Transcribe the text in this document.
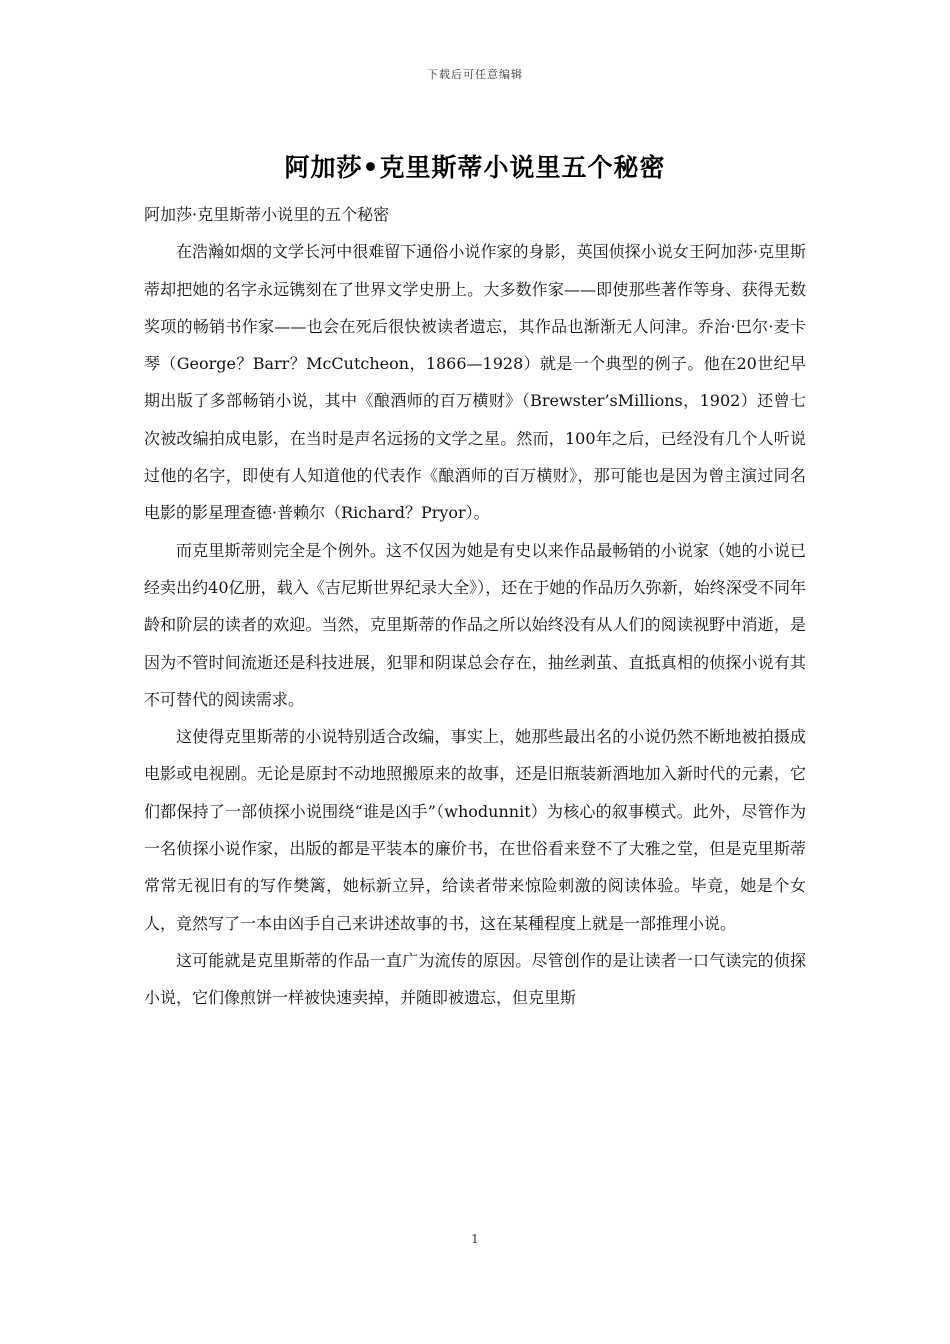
下载后可任意编辑
阿加莎•克里斯蒂小说里五个秘密

阿加莎·克里斯蒂小说里的五个秘密

在浩瀚如烟的文学长河中很难留下通俗小说作家的身影，英国侦探小说女王阿加莎·克里斯蒂却把她的名字永远镌刻在了世界文学史册上。大多数作家——即使那些著作等身、获得无数奖项的畅销书作家——也会在死后很快被读者遗忘，其作品也渐渐无人问津。乔治·巴尔·麦卡琴（George？Barr？McCutcheon，1866—1928）就是一个典型的例子。他在20世纪早期出版了多部畅销小说，其中《酿酒师的百万横财》（Brewster’sMillions，1902）还曾七次被改编拍成电影，在当时是声名远扬的文学之星。然而，100年之后，已经没有几个人听说过他的名字，即使有人知道他的代表作《酿酒师的百万横财》，那可能也是因为曾主演过同名电影的影星理查德·普赖尔（Richard？Pryor）。

而克里斯蒂则完全是个例外。这不仅因为她是有史以来作品最畅销的小说家（她的小说已经卖出约40亿册，载入《吉尼斯世界纪录大全》），还在于她的作品历久弥新，始终深受不同年龄和阶层的读者的欢迎。当然，克里斯蒂的作品之所以始终没有从人们的阅读视野中消逝，是因为不管时间流逝还是科技进展，犯罪和阴谋总会存在，抽丝剥茧、直抵真相的侦探小说有其不可替代的阅读需求。

这使得克里斯蒂的小说特别适合改编，事实上，她那些最出名的小说仍然不断地被拍摄成电影或电视剧。无论是原封不动地照搬原来的故事，还是旧瓶装新酒地加入新时代的元素，它们都保持了一部侦探小说围绕“谁是凶手”（whodunnit）为核心的叙事模式。此外，尽管作为一名侦探小说作家，出版的都是平装本的廉价书，在世俗看来登不了大雅之堂，但是克里斯蒂常常无视旧有的写作樊篱，她标新立异，给读者带来惊险刺激的阅读体验。毕竟，她是个女人，竟然写了一本由凶手自己来讲述故事的书，这在某種程度上就是一部推理小说。

这可能就是克里斯蒂的作品一直广为流传的原因。尽管创作的是让读者一口气读完的侦探小说，它们像煎饼一样被快速卖掉，并随即被遗忘，但克里斯

1
